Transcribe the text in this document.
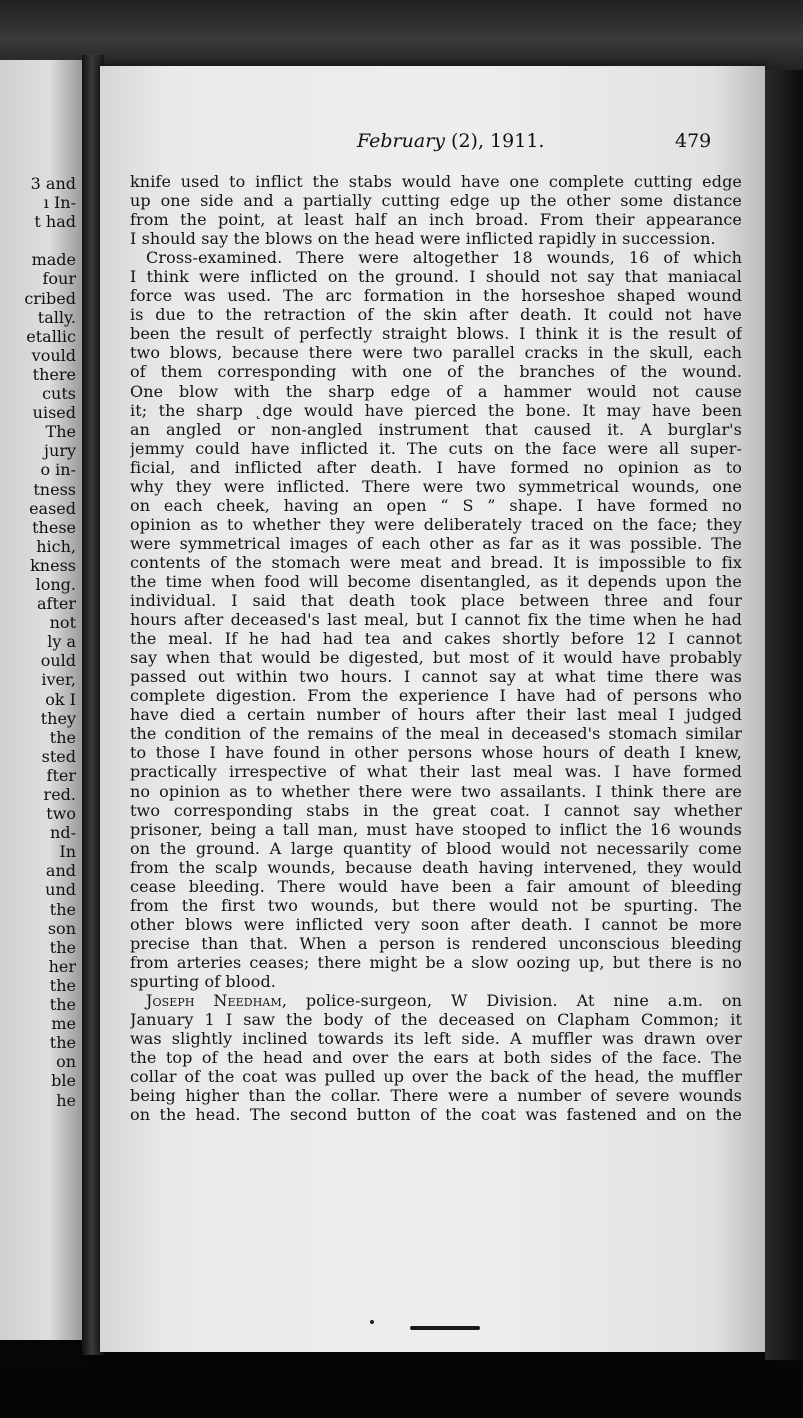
3 and
ı In-
t had
made
four
cribed
tally.
etallic
vould
there
cuts
uised
The
jury
o in-
tness
eased
these
hich,
kness
long.
after
not
ly a
ould
iver,
ok I
they
the
sted
fter
red.
two
nd-
In
and
und
the
son
the
her
the
the
me
the
on
ble
he
February (2), 1911.	479
knife used to inflict the stabs would have one complete cutting edge
up one side and a partially cutting edge up the other some distance
from the point, at least half an inch broad. From their appearance
I should say the blows on the head were inflicted rapidly in succession.
Cross-examined. There were altogether 18 wounds, 16 of which
I think were inflicted on the ground. I should not say that maniacal
force was used. The arc formation in the horseshoe shaped wound
is due to the retraction of the skin after death. It could not have
been the result of perfectly straight blows. I think it is the result of
two blows, because there were two parallel cracks in the skull, each
of them corresponding with one of the branches of the wound.
One blow with the sharp edge of a hammer would not cause
it; the sharp ˛dge would have pierced the bone. It may have been
an angled or non-angled instrument that caused it. A burglar's
jemmy could have inflicted it. The cuts on the face were all super-
ficial, and inflicted after death. I have formed no opinion as to
why they were inflicted. There were two symmetrical wounds, one
on each cheek, having an open “ S ” shape. I have formed no
opinion as to whether they were deliberately traced on the face; they
were symmetrical images of each other as far as it was possible. The
contents of the stomach were meat and bread. It is impossible to fix
the time when food will become disentangled, as it depends upon the
individual. I said that death took place between three and four
hours after deceased's last meal, but I cannot fix the time when he had
the meal. If he had had tea and cakes shortly before 12 I cannot
say when that would be digested, but most of it would have probably
passed out within two hours. I cannot say at what time there was
complete digestion. From the experience I have had of persons who
have died a certain number of hours after their last meal I judged
the condition of the remains of the meal in deceased's stomach similar
to those I have found in other persons whose hours of death I knew,
practically irrespective of what their last meal was. I have formed
no opinion as to whether there were two assailants. I think there are
two corresponding stabs in the great coat. I cannot say whether
prisoner, being a tall man, must have stooped to inflict the 16 wounds
on the ground. A large quantity of blood would not necessarily come
from the scalp wounds, because death having intervened, they would
cease bleeding. There would have been a fair amount of bleeding
from the first two wounds, but there would not be spurting. The
other blows were inflicted very soon after death. I cannot be more
precise than that. When a person is rendered unconscious bleeding
from arteries ceases; there might be a slow oozing up, but there is no
spurting of blood.
Joseph Needham, police-surgeon, W Division. At nine a.m. on
January 1 I saw the body of the deceased on Clapham Common; it
was slightly inclined towards its left side. A muffler was drawn over
the top of the head and over the ears at both sides of the face. The
collar of the coat was pulled up over the back of the head, the muffler
being higher than the collar. There were a number of severe wounds
on the head. The second button of the coat was fastened and on the
